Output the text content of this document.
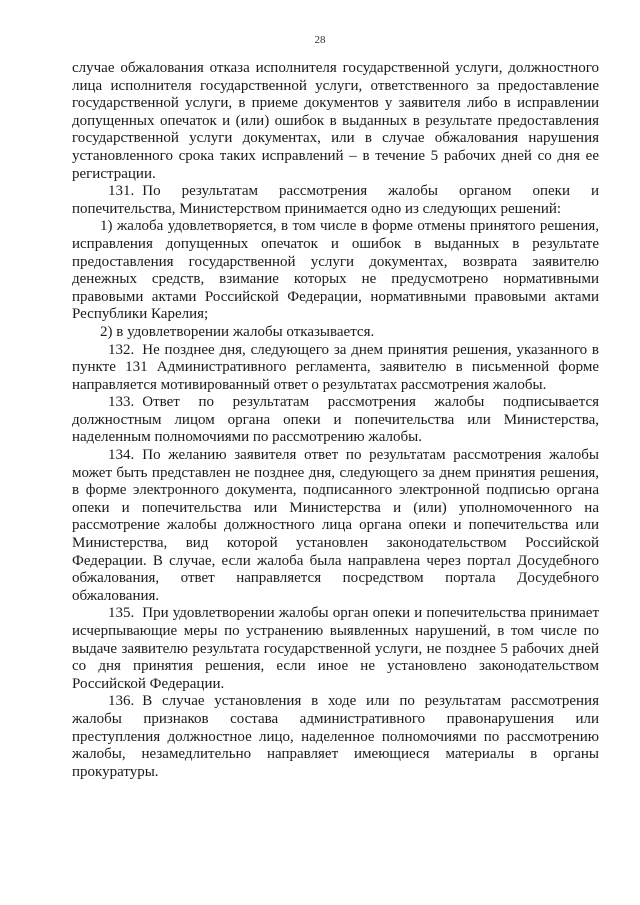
28

случае обжалования отказа исполнителя государственной услуги, должностного лица исполнителя государственной услуги, ответственного за предоставление государственной услуги, в приеме документов у заявителя либо в исправлении допущенных опечаток и (или) ошибок в выданных в результате предоставления государственной услуги документах, или в случае обжалования нарушения установленного срока таких исправлений – в течение 5 рабочих дней со дня ее регистрации.

131. По результатам рассмотрения жалобы органом опеки и попечительства, Министерством принимается одно из следующих решений:

1) жалоба удовлетворяется, в том числе в форме отмены принятого решения, исправления допущенных опечаток и ошибок в выданных в результате предоставления государственной услуги документах, возврата заявителю денежных средств, взимание которых не предусмотрено нормативными правовыми актами Российской Федерации, нормативными правовыми актами Республики Карелия;

2) в удовлетворении жалобы отказывается.

132. Не позднее дня, следующего за днем принятия решения, указанного в пункте 131 Административного регламента, заявителю в письменной форме направляется мотивированный ответ о результатах рассмотрения жалобы.

133. Ответ по результатам рассмотрения жалобы подписывается должностным лицом органа опеки и попечительства или Министерства, наделенным полномочиями по рассмотрению жалобы.

134. По желанию заявителя ответ по результатам рассмотрения жалобы может быть представлен не позднее дня, следующего за днем принятия решения, в форме электронного документа, подписанного электронной подписью органа опеки и попечительства или Министерства и (или) уполномоченного на рассмотрение жалобы должностного лица органа опеки и попечительства или Министерства, вид которой установлен законодательством Российской Федерации. В случае, если жалоба была направлена через портал Досудебного обжалования, ответ направляется посредством портала Досудебного обжалования.

135. При удовлетворении жалобы орган опеки и попечительства принимает исчерпывающие меры по устранению выявленных нарушений, в том числе по выдаче заявителю результата государственной услуги, не позднее 5 рабочих дней со дня принятия решения, если иное не установлено законодательством Российской Федерации.

136. В случае установления в ходе или по результатам рассмотрения жалобы признаков состава административного правонарушения или преступления должностное лицо, наделенное полномочиями по рассмотрению жалобы, незамедлительно направляет имеющиеся материалы в органы прокуратуры.
